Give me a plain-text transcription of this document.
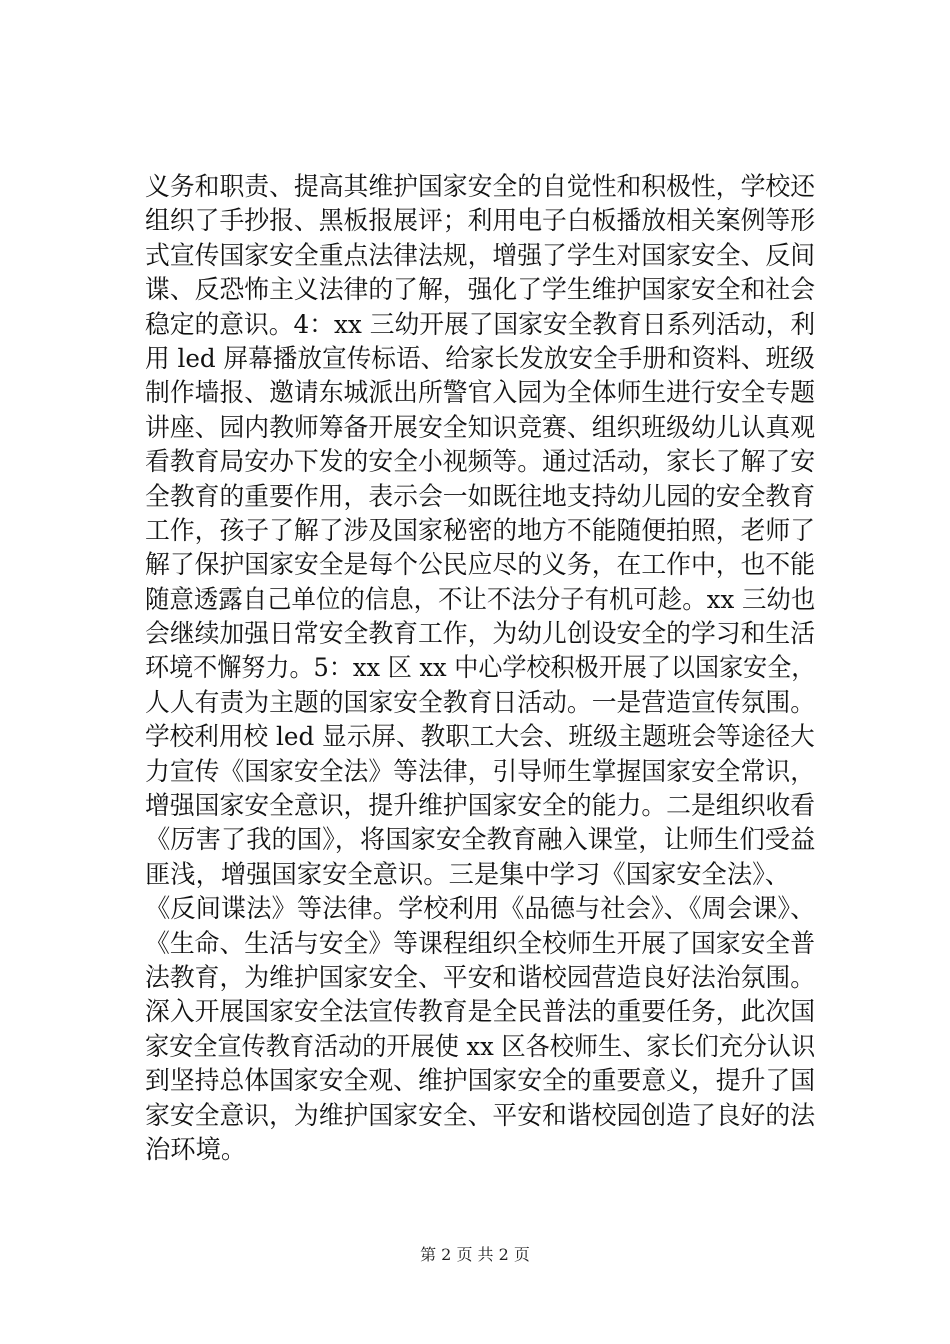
义务和职责、提高其维护国家安全的自觉性和积极性，学校还
组织了手抄报、黑板报展评；利用电子白板播放相关案例等形
式宣传国家安全重点法律法规，增强了学生对国家安全、反间
谍、反恐怖主义法律的了解，强化了学生维护国家安全和社会
稳定的意识。4：xx 三幼开展了国家安全教育日系列活动，利
用 led 屏幕播放宣传标语、给家长发放安全手册和资料、班级
制作墙报、邀请东城派出所警官入园为全体师生进行安全专题
讲座、园内教师筹备开展安全知识竞赛、组织班级幼儿认真观
看教育局安办下发的安全小视频等。通过活动，家长了解了安
全教育的重要作用，表示会一如既往地支持幼儿园的安全教育
工作，孩子了解了涉及国家秘密的地方不能随便拍照，老师了
解了保护国家安全是每个公民应尽的义务，在工作中，也不能
随意透露自己单位的信息，不让不法分子有机可趁。xx 三幼也
会继续加强日常安全教育工作，为幼儿创设安全的学习和生活
环境不懈努力。5：xx 区 xx 中心学校积极开展了以国家安全，
人人有责为主题的国家安全教育日活动。一是营造宣传氛围。
学校利用校 led 显示屏、教职工大会、班级主题班会等途径大
力宣传《国家安全法》等法律，引导师生掌握国家安全常识，
增强国家安全意识，提升维护国家安全的能力。二是组织收看
《厉害了我的国》，将国家安全教育融入课堂，让师生们受益
匪浅，增强国家安全意识。三是集中学习《国家安全法》、
《反间谍法》等法律。学校利用《品德与社会》、《周会课》、
《生命、生活与安全》等课程组织全校师生开展了国家安全普
法教育，为维护国家安全、平安和谐校园营造良好法治氛围。
深入开展国家安全法宣传教育是全民普法的重要任务，此次国
家安全宣传教育活动的开展使 xx 区各校师生、家长们充分认识
到坚持总体国家安全观、维护国家安全的重要意义，提升了国
家安全意识，为维护国家安全、平安和谐校园创造了良好的法
治环境。
第 2 页 共 2 页
